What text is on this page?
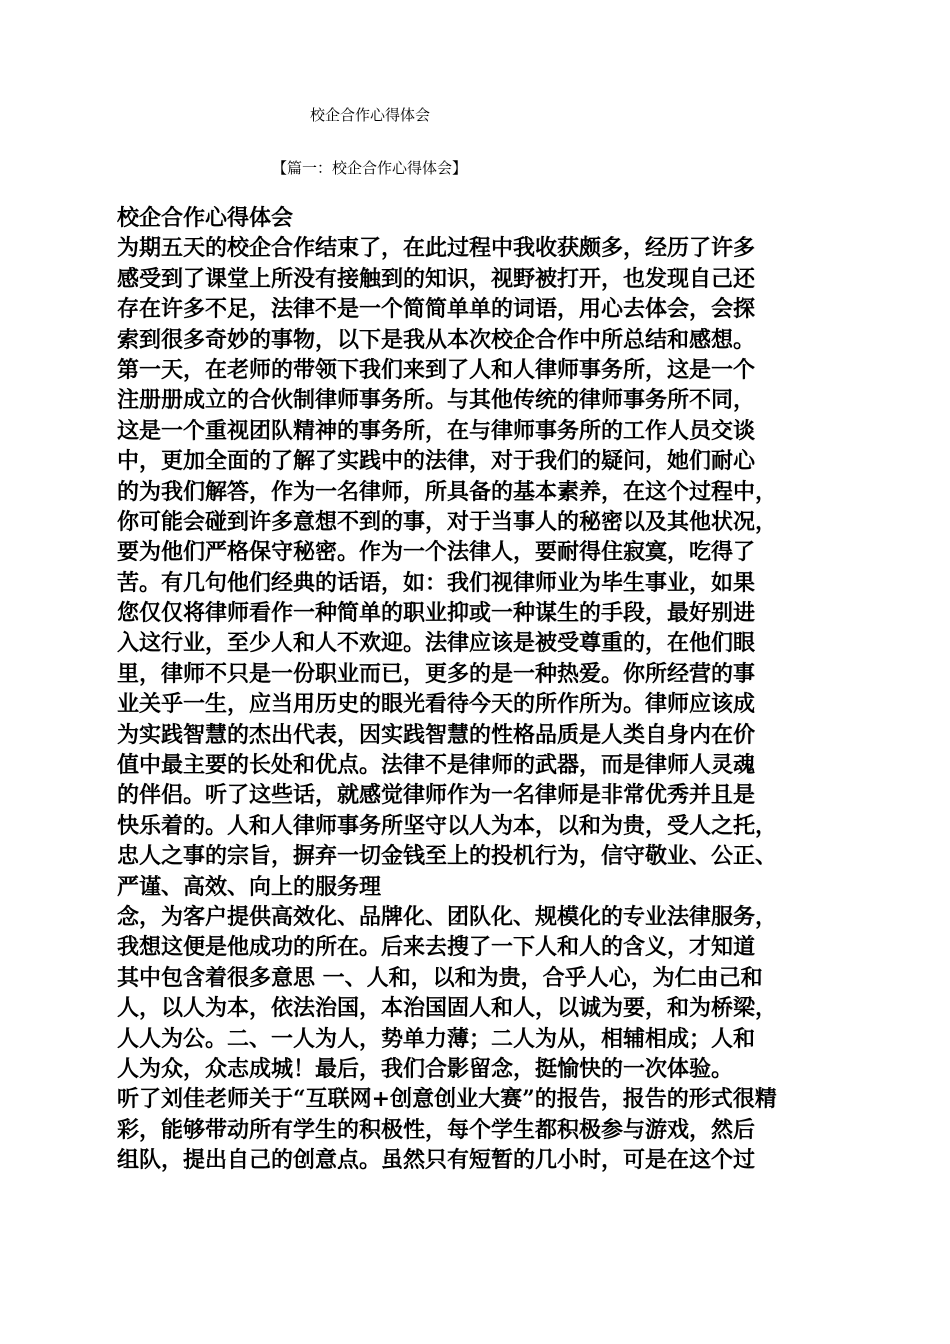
校企合作心得体会
【篇一：校企合作心得体会】
校企合作心得体会
为期五天的校企合作结束了，在此过程中我收获颇多，经历了许多
感受到了课堂上所没有接触到的知识，视野被打开，也发现自己还
存在许多不足，法律不是一个简简单单的词语，用心去体会，会探
索到很多奇妙的事物，以下是我从本次校企合作中所总结和感想。
第一天，在老师的带领下我们来到了人和人律师事务所，这是一个
注册册成立的合伙制律师事务所。与其他传统的律师事务所不同，
这是一个重视团队精神的事务所，在与律师事务所的工作人员交谈
中，更加全面的了解了实践中的法律，对于我们的疑问，她们耐心
的为我们解答，作为一名律师，所具备的基本素养，在这个过程中，
你可能会碰到许多意想不到的事，对于当事人的秘密以及其他状况，
要为他们严格保守秘密。作为一个法律人，要耐得住寂寞，吃得了
苦。有几句他们经典的话语，如：我们视律师业为毕生事业，如果
您仅仅将律师看作一种简单的职业抑或一种谋生的手段，最好别进
入这行业，至少人和人不欢迎。法律应该是被受尊重的，在他们眼
里，律师不只是一份职业而已，更多的是一种热爱。你所经营的事
业关乎一生，应当用历史的眼光看待今天的所作所为。律师应该成
为实践智慧的杰出代表，因实践智慧的性格品质是人类自身内在价
值中最主要的长处和优点。法律不是律师的武器，而是律师人灵魂
的伴侣。听了这些话，就感觉律师作为一名律师是非常优秀并且是
快乐着的。人和人律师事务所坚守以人为本，以和为贵，受人之托，
忠人之事的宗旨，摒弃一切金钱至上的投机行为，信守敬业、公正、
严谨、高效、向上的服务理
念，为客户提供高效化、品牌化、团队化、规模化的专业法律服务，
我想这便是他成功的所在。后来去搜了一下人和人的含义，才知道
其中包含着很多意思 一、人和，以和为贵，合乎人心，为仁由己和
人，以人为本，依法治国，本治国固人和人，以诚为要，和为桥梁，
人人为公。二、一人为人，势单力薄；二人为从，相辅相成；人和
人为众，众志成城！最后，我们合影留念，挺愉快的一次体验。
听了刘佳老师关于“互联网+创意创业大赛”的报告，报告的形式很精
彩，能够带动所有学生的积极性，每个学生都积极参与游戏，然后
组队，提出自己的创意点。虽然只有短暂的几小时，可是在这个过
